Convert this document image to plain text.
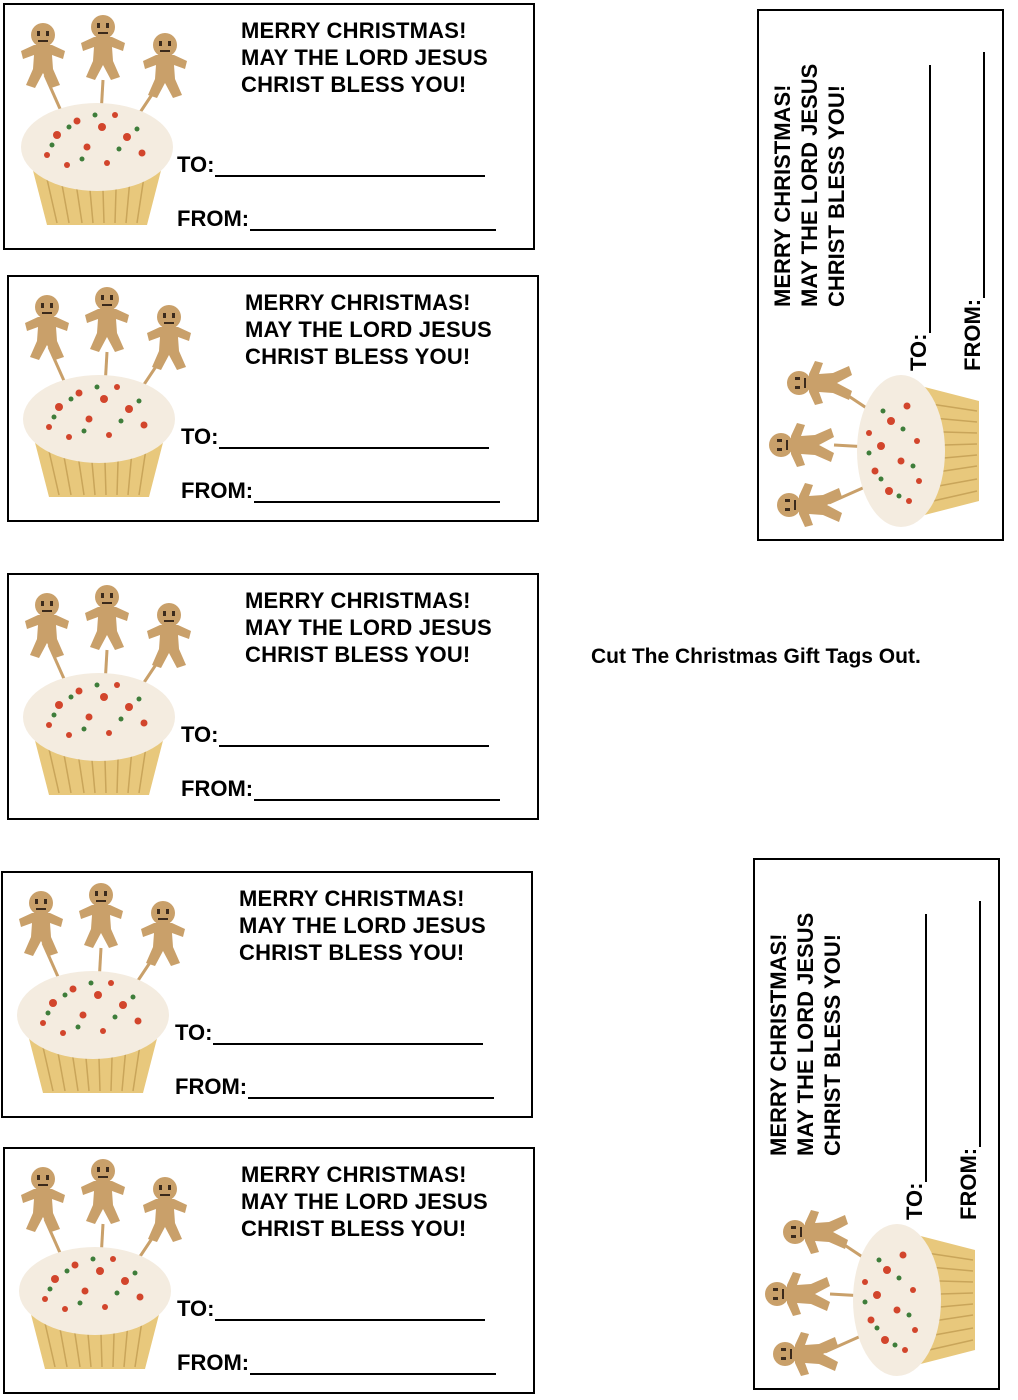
MERRY CHRISTMAS!
MAY THE LORD JESUS
CHRIST BLESS YOU!
TO:
FROM:
MERRY CHRISTMAS!
MAY THE LORD JESUS
CHRIST BLESS YOU!
TO:
FROM:
MERRY CHRISTMAS!
MAY THE LORD JESUS
CHRIST BLESS YOU!
TO:
FROM:
MERRY CHRISTMAS!
MAY THE LORD JESUS
CHRIST BLESS YOU!
TO:
FROM:
MERRY CHRISTMAS!
MAY THE LORD JESUS
CHRIST BLESS YOU!
TO:
FROM:
MERRY CHRISTMAS! MAY THE LORD JESUS CHRIST BLESS YOU!
TO: FROM:
MERRY CHRISTMAS! MAY THE LORD JESUS CHRIST BLESS YOU!
TO: FROM:
Cut The Christmas Gift Tags Out.
